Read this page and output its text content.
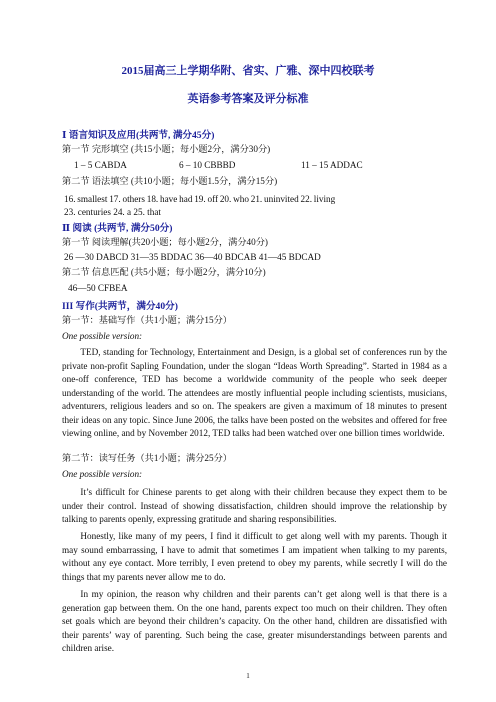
2015届高三上学期华附、省实、广雅、深中四校联考
英语参考答案及评分标准
Ⅰ 语言知识及应用(共两节, 满分45分)
第一节 完形填空 (共15小题；每小题2分，满分30分)
1 – 5 CABDA	6 – 10 CBBBD	11 – 15 ADDAC
第二节 语法填空 (共10小题；每小题1.5分，满分15分)
16. smallest 17. others 18. have had 19. off 20. who 21. uninvited 22. living
23. centuries 24. a 25. that
Ⅱ 阅读 (共两节, 满分50分)
第一节 阅读理解(共20小题；每小题2分，满分40分)
26 —30 DABCD 31—35 BDDAC 36—40 BDCAB 41—45 BDCAD
第二节 信息匹配 (共5小题；每小题2分，满分10分)
46—50 CFBEA
III 写作(共两节，满分40分)
第一节：基础写作（共1小题；满分15分）
One possible version:
TED, standing for Technology, Entertainment and Design, is a global set of conferences run by the private non-profit Sapling Foundation, under the slogan “Ideas Worth Spreading”. Started in 1984 as a one-off conference, TED has become a worldwide community of the people who seek deeper understanding of the world. The attendees are mostly influential people including scientists, musicians, adventurers, religious leaders and so on. The speakers are given a maximum of 18 minutes to present their ideas on any topic. Since June 2006, the talks have been posted on the websites and offered for free viewing online, and by November 2012, TED talks had been watched over one billion times worldwide.
第二节：读写任务（共1小题；满分25分）
One possible version:
It’s difficult for Chinese parents to get along with their children because they expect them to be under their control. Instead of showing dissatisfaction, children should improve the relationship by talking to parents openly, expressing gratitude and sharing responsibilities.
Honestly, like many of my peers, I find it difficult to get along well with my parents. Though it may sound embarrassing, I have to admit that sometimes I am impatient when talking to my parents, without any eye contact. More terribly, I even pretend to obey my parents, while secretly I will do the things that my parents never allow me to do.
In my opinion, the reason why children and their parents can’t get along well is that there is a generation gap between them. On the one hand, parents expect too much on their children. They often set goals which are beyond their children’s capacity. On the other hand, children are dissatisfied with their parents’ way of parenting. Such being the case, greater misunderstandings between parents and children arise.
1
